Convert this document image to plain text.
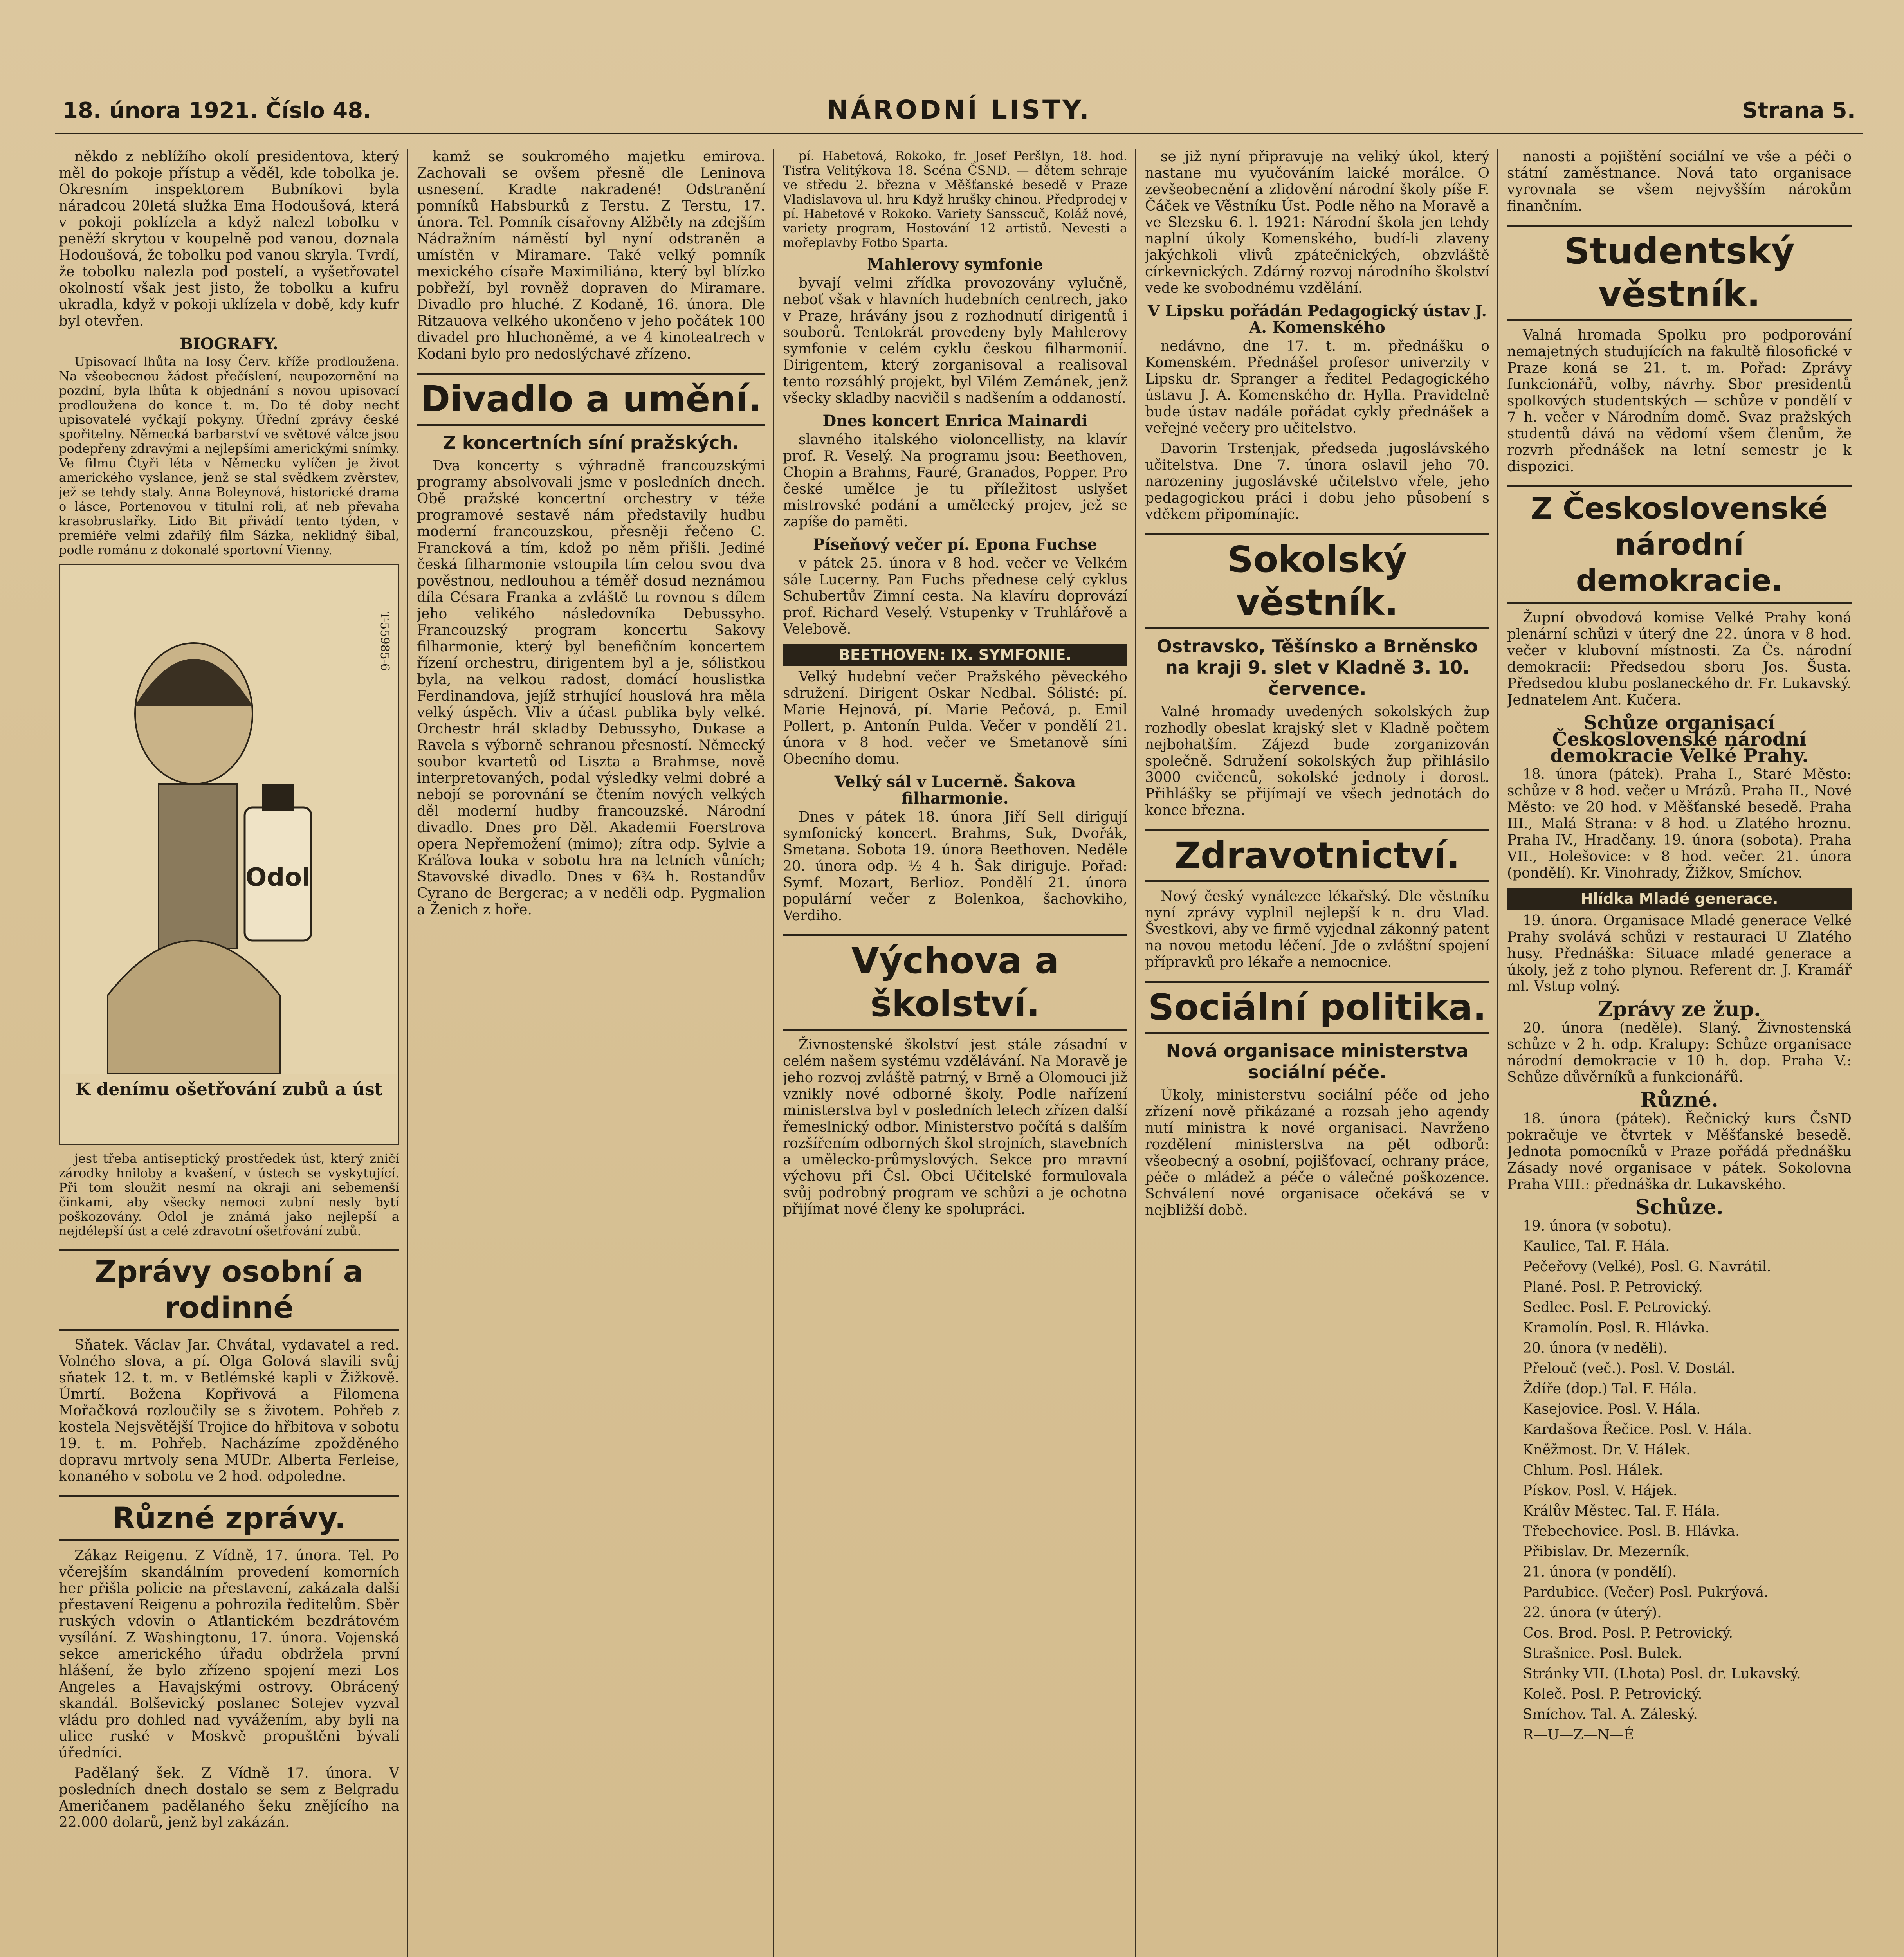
18. února 1921. Číslo 48.	NÁRODNÍ LISTY.	Strana 5.

někdo z neblížího okolí presidentova, který měl do pokoje přístup a věděl, kde tobolka je. Okresním inspektorem Bubníkovi byla náradcou 20letá služka Ema Hodoušová, která v pokoji poklízela a když nalezl tobolku v peněží skrytou v koupelně pod vanou, doznala Hodoušová, že tobolku pod vanou skryla. Tvrdí, že tobolku nalezla pod postelí, a vyšetřovatel okolností však jest jisto, že tobolku a kufru ukradla, když v pokoji uklízela v době, kdy kufr byl otevřen.

BIOGRAFY.

Upisovací lhůta na losy Červ. kříže prodloužena. Na všeobecnou žádost přečíslení, neupozornění na pozdní, byla lhůta k objednání s novou upisovací prodloužena do konce t. m. Do té doby nechť upisovatelé vyčkají pokyny. Úřední zprávy české spořitelny. Německá barbarství ve světové válce jsou podepřeny zdravými a nejlepšími americkými snímky. Ve filmu Čtyři léta v Německu vylíčen je život amerického vyslance, jenž se stal svědkem zvěrstev, jež se tehdy staly. Anna Boleynová, historické drama o lásce, Portenovou v titulní roli, ať neb převaha krasobruslařky. Lido Bit přivádí tento týden, v premiéře velmi zdařilý film Sázka, neklidný šibal, podle románu z dokonalé sportovní Vienny.

Odol
K denímu ošetřování zubů a úst
T-55985-6

jest třeba antiseptický prostředek úst, který zničí zárodky hniloby a kvašení, v ústech se vyskytující. Při tom sloužit nesmí na okraji ani sebemenší činkami, aby všecky nemoci zubní nesly bytí poškozovány. Odol je známá jako nejlepší a nejdélepší úst a celé zdravotní ošetřování zubů.

Zprávy osobní a rodinné

Sňatek. Václav Jar. Chvátal, vydavatel a red. Volného slova, a pí. Olga Golová slavili svůj sňatek 12. t. m. v Betlémské kapli v Žižkově. Úmrtí. Božena Kopřivová a Filomena Mořačková rozloučily se s životem. Pohřeb z kostela Nejsvětější Trojice do hřbitova v sobotu 19. t. m. Pohřeb. Nacházíme zpožděného dopravu mrtvoly sena MUDr. Alberta Ferleise, konaného v sobotu ve 2 hod. odpoledne.

Různé zprávy.

Zákaz Reigenu. Z Vídně, 17. února. Tel. Po včerejším skandálním provedení komorních her přišla policie na přestavení, zakázala další přestavení Reigenu a pohrozila ředitelům. Sběr ruských vdovin o Atlantickém bezdrátovém vysílání. Z Washingtonu, 17. února. Vojenská sekce amerického úřadu obdržela první hlášení, že bylo zřízeno spojení mezi Los Angeles a Havajskými ostrovy. Obrácený skandál. Bolševický poslanec Sotejev vyzval vládu pro dohled nad vyvážením, aby byli na ulice ruské v Moskvě propuštěni bývalí úředníci.

Padělaný šek. Z Vídně 17. února. V posledních dnech dostalo se sem z Belgradu Američanem padělaného šeku znějícího na 22.000 dolarů, jenž byl zakázán.

kamž se soukromého majetku emirova. Zachovali se ovšem přesně dle Leninova usnesení. Kradte nakradené! Odstranění pomníků Habsburků z Terstu. Z Terstu, 17. února. Tel. Pomník císařovny Alžběty na zdejším Nádražním náměstí byl nyní odstraněn a umístěn v Miramare. Také velký pomník mexického císaře Maximiliána, který byl blízko pobřeží, byl rovněž dopraven do Miramare. Divadlo pro hluché. Z Kodaně, 16. února. Dle Ritzauova velkého ukončeno v jeho počátek 100 divadel pro hluchoněmé, a ve 4 kinoteatrech v Kodani bylo pro nedoslýchavé zřízeno.

Divadlo a umění.
Z koncertních síní pražských.

Dva koncerty s výhradně francouzskými programy absolvovali jsme v posledních dnech. Obě pražské koncertní orchestry v téže programové sestavě nám představily hudbu moderní francouzskou, přesněji řečeno C. Francková a tím, kdož po něm přišli. Jediné česká filharmonie vstoupila tím celou svou dva pověstnou, nedlouhou a téměř dosud neznámou díla Césara Franka a zvláště tu rovnou s dílem jeho velikého následovníka Debussyho. Francouzský program koncertu Sakovy filharmonie, který byl benefičním koncertem řízení orchestru, dirigentem byl a je, sólistkou byla, na velkou radost, domácí houslistka Ferdinandova, jejíž strhující houslová hra měla velký úspěch. Vliv a účast publika byly velké. Orchestr hrál skladby Debussyho, Dukase a Ravela s výborně sehranou přesností. Německý soubor kvartetů od Liszta a Brahmse, nově interpretovaných, podal výsledky velmi dobré a nebojí se porovnání se čtením nových velkých děl moderní hudby francouzské. Národní divadlo. Dnes pro Děl. Akademii Foerstrova opera Nepřemožení (mimo); zítra odp. Sylvie a Kráľova louka v sobotu hra na letních vůních; Stavovské divadlo. Dnes v 6¾ h. Rostandův Cyrano de Bergerac; a v neděli odp. Pygmalion a Ženich z hoře.

pí. Habetová, Rokoko, fr. Josef Peršlyn, 18. hod. Tisťra Velitýkova 18. Scéna ČSND. — dětem sehraje ve středu 2. března v Měšťanské besedě v Praze Vladislavova ul. hru Když hrušky chinou. Předprodej v pí. Habetové v Rokoko. Variety Sansscuč, Koláž nové, variety program, Hostování 12 artistů. Nevesti a mořeplavby Fotbo Sparta.

Mahlerovy symfonie

byvají velmi zřídka provozovány vylučně, neboť však v hlavních hudebních centrech, jako v Praze, hrávány jsou z rozhodnutí dirigentů i souborů. Tentokrát provedeny byly Mahlerovy symfonie v celém cyklu českou filharmonií. Dirigentem, který zorganisoval a realisoval tento rozsáhlý projekt, byl Vilém Zemánek, jenž všecky skladby nacvičil s nadšením a oddaností.

Dnes koncert Enrica Mainardi

slavného italského violoncellisty, na klavír prof. R. Veselý. Na programu jsou: Beethoven, Chopin a Brahms, Fauré, Granados, Popper. Pro české umělce je tu příležitost uslyšet mistrovské podání a umělecký projev, jež se zapíše do paměti.

Píseňový večer pí. Epona Fuchse

v pátek 25. února v 8 hod. večer ve Velkém sále Lucerny. Pan Fuchs přednese celý cyklus Schubertův Zimní cesta. Na klavíru doprovází prof. Richard Veselý. Vstupenky v Truhlářově a Velebově.

BEETHOVEN: IX. SYMFONIE.

Velký hudební večer Pražského pěveckého sdružení. Dirigent Oskar Nedbal. Sólisté: pí. Marie Hejnová, pí. Marie Pečová, p. Emil Pollert, p. Antonín Pulda. Večer v pondělí 21. února v 8 hod. večer ve Smetanově síni Obecního domu.

Velký sál v Lucerně. Šakova filharmonie.

Dnes v pátek 18. února Jiří Sell dirigují symfonický koncert. Brahms, Suk, Dvořák, Smetana. Sobota 19. února Beethoven. Neděle 20. února odp. ½ 4 h. Šak diriguje. Pořad: Symf. Mozart, Berlioz. Pondělí 21. února populární večer z Bolenkoa, šachovkiho, Verdiho.

Výchova a školství.

Živnostenské školství jest stále zásadní v celém našem systému vzdělávání. Na Moravě je jeho rozvoj zvláště patrný, v Brně a Olomouci již vznikly nové odborné školy. Podle nařízení ministerstva byl v posledních letech zřízen další řemeslnický odbor. Ministerstvo počítá s dalším rozšířením odborných škol strojních, stavebních a umělecko-průmyslových. Sekce pro mravní výchovu při Čsl. Obci Učitelské formulovala svůj podrobný program ve schůzi a je ochotna přijímat nové členy ke spolupráci.

se již nyní připravuje na veliký úkol, který nastane mu vyučováním laické morálce. O zevšeobecnění a zlidovění národní školy píše F. Čáček ve Věstníku Úst. Podle něho na Moravě a ve Slezsku 6. l. 1921: Národní škola jen tehdy naplní úkoly Komenského, budí-li zlaveny jakýchkoli vlivů zpátečnických, obzvláště církevnických. Zdárný rozvoj národního školství vede ke svobodnému vzdělání.

V Lipsku pořádán Pedagogický ústav J. A. Komenského

nedávno, dne 17. t. m. přednášku o Komenském. Přednášel profesor univerzity v Lipsku dr. Spranger a ředitel Pedagogického ústavu J. A. Komenského dr. Hylla. Pravidelně bude ústav nadále pořádat cykly přednášek a veřejné večery pro učitelstvo.

Davorin Trstenjak, předseda jugoslávského učitelstva. Dne 7. února oslavil jeho 70. narozeniny jugoslávské učitelstvo vřele, jeho pedagogickou práci i dobu jeho působení s vděkem připomínajíc.

Sokolský věstník.
Ostravsko, Těšínsko a Brněnsko na kraji 9. slet v Kladně 3. 10. července.

Valné hromady uvedených sokolských žup rozhodly obeslat krajský slet v Kladně počtem nejbohatším. Zájezd bude zorganizován společně. Sdružení sokolských žup přihlásilo 3000 cvičenců, sokolské jednoty i dorost. Přihlášky se přijímají ve všech jednotách do konce března.

Zdravotnictví.

Nový český vynálezce lékařský. Dle věstníku nyní zprávy vyplnil nejlepší k n. dru Vlad. Švestkovi, aby ve firmě vyjednal zákonný patent na novou metodu léčení. Jde o zvláštní spojení přípravků pro lékaře a nemocnice.

Sociální politika.
Nová organisace ministerstva sociální péče.

Úkoly, ministerstvu sociální péče od jeho zřízení nově přikázané a rozsah jeho agendy nutí ministra k nové organisaci. Navrženo rozdělení ministerstva na pět odborů: všeobecný a osobní, pojišťovací, ochrany práce, péče o mládež a péče o válečné poškozence. Schválení nové organisace očekává se v nejbližší době.

nanosti a pojištění sociální ve vše a péči o státní zaměstnance. Nová tato organisace vyrovnala se všem nejvyšším nárokům finančním.

Studentský věstník.

Valná hromada Spolku pro podporování nemajetných studujících na fakultě filosofické v Praze koná se 21. t. m. Pořad: Zprávy funkcionářů, volby, návrhy. Sbor presidentů spolkových studentských — schůze v pondělí v 7 h. večer v Národním domě. Svaz pražských studentů dává na vědomí všem členům, že rozvrh přednášek na letní semestr je k dispozici.

Z Československé národní demokracie.

Župní obvodová komise Velké Prahy koná plenární schůzi v úterý dne 22. února v 8 hod. večer v klubovní místnosti. Za Čs. národní demokracii: Předsedou sboru Jos. Šusta. Předsedou klubu poslaneckého dr. Fr. Lukavský. Jednatelem Ant. Kučera.

Schůze organisací Československé národní demokracie Velké Prahy.

18. února (pátek). Praha I., Staré Město: schůze v 8 hod. večer u Mrázů. Praha II., Nové Město: ve 20 hod. v Měšťanské besedě. Praha III., Malá Strana: v 8 hod. u Zlatého hroznu. Praha IV., Hradčany. 19. února (sobota). Praha VII., Holešovice: v 8 hod. večer. 21. února (pondělí). Kr. Vinohrady, Žižkov, Smíchov.

Hlídka Mladé generace.

19. února. Organisace Mladé generace Velké Prahy svolává schůzi v restauraci U Zlatého husy. Přednáška: Situace mladé generace a úkoly, jež z toho plynou. Referent dr. J. Kramář ml. Vstup volný.

Zprávy ze žup.

20. února (neděle). Slaný. Živnostenská schůze v 2 h. odp. Kralupy: Schůze organisace národní demokracie v 10 h. dop. Praha V.: Schůze důvěrníků a funkcionářů.

Různé.

18. února (pátek). Řečnický kurs ČsND pokračuje ve čtvrtek v Měšťanské besedě. Jednota pomocníků v Praze pořádá přednášku Zásady nové organisace v pátek. Sokolovna Praha VIII.: přednáška dr. Lukavského.

Schůze.

19. února (v sobotu).

Kaulice, Tal. F. Hála.

Pečeřovy (Velké), Posl. G. Navrátil.

Plané. Posl. P. Petrovický.

Sedlec. Posl. F. Petrovický.

Kramolín. Posl. R. Hlávka.

20. února (v neděli).

Přelouč (več.). Posl. V. Dostál.

Ždíře (dop.) Tal. F. Hála.

Kasejovice. Posl. V. Hála.

Kardašova Řečice. Posl. V. Hála.

Kněžmost. Dr. V. Hálek.

Chlum. Posl. Hálek.

Pískov. Posl. V. Hájek.

Králův Městec. Tal. F. Hála.

Třebechovice. Posl. B. Hlávka.

Přibislav. Dr. Mezerník.

21. února (v pondělí).

Pardubice. (Večer) Posl. Pukrýová.

22. února (v úterý).

Cos. Brod. Posl. P. Petrovický.

Strašnice. Posl. Bulek.

Stránky VII. (Lhota) Posl. dr. Lukavský.

Koleč. Posl. P. Petrovický.

Smíchov. Tal. A. Záleský.

R—U—Z—N—É
